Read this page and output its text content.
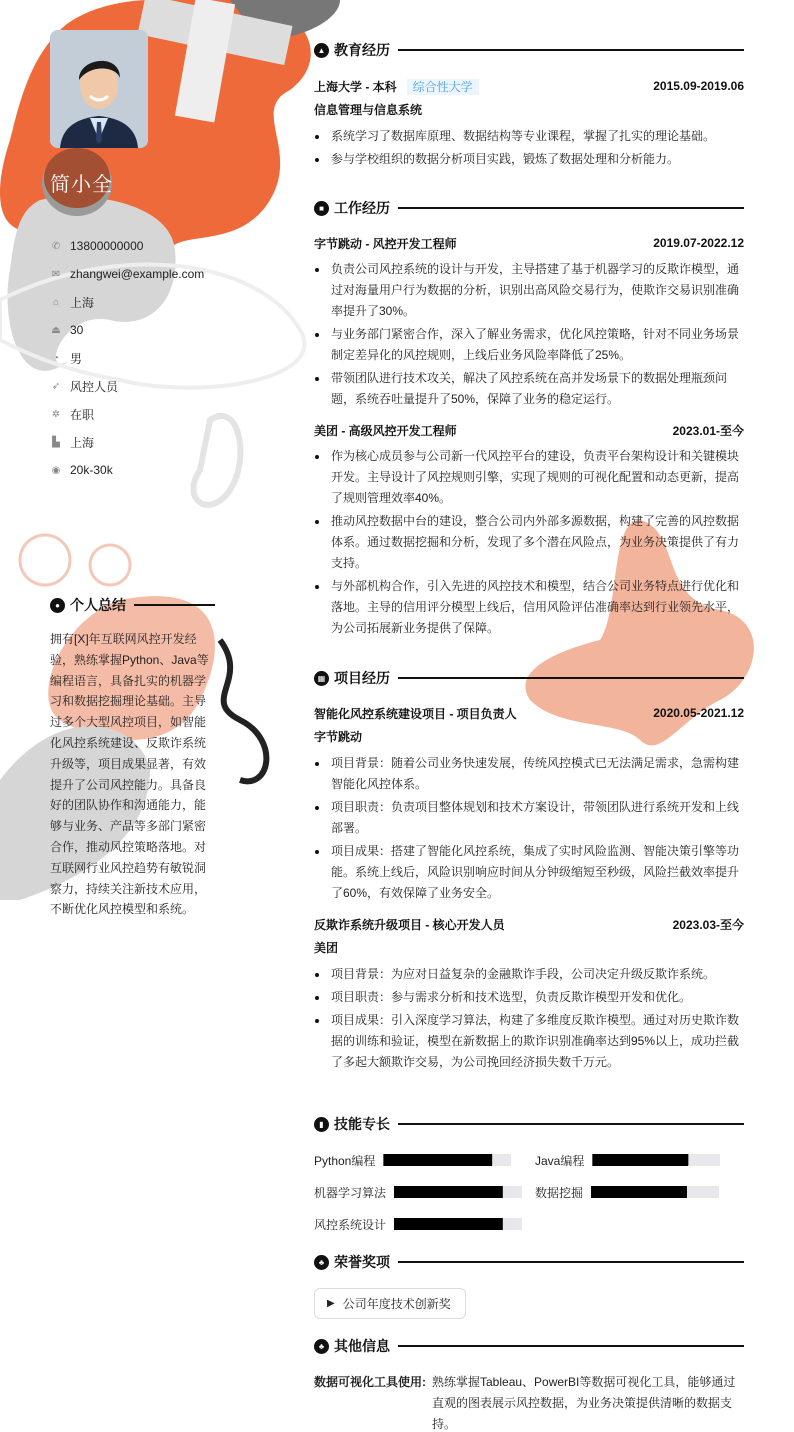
简小全
✆ 13800000000
✉ zhangwei@example.com
⌂ 上海
⏏ 30
◔ 男
➶ 风控人员
✲ 在职
▙ 上海
◉ 20k-30k
● 个人总结
拥有[X]年互联网风控开发经验，熟练掌握Python、Java等编程语言，具备扎实的机器学习和数据挖掘理论基础。主导过多个大型风控项目，如智能化风控系统建设、反欺诈系统升级等，项目成果显著，有效提升了公司风控能力。具备良好的团队协作和沟通能力，能够与业务、产品等多部门紧密合作，推动风控策略落地。对互联网行业风控趋势有敏锐洞察力，持续关注新技术应用，不断优化风控模型和系统。
▲ 教育经历
上海大学 - 本科 综合性大学	2015.09-2019.06
信息管理与信息系统
系统学习了数据库原理、数据结构等专业课程，掌握了扎实的理论基础。
参与学校组织的数据分析项目实践，锻炼了数据处理和分析能力。
■ 工作经历
字节跳动 - 风控开发工程师	2019.07-2022.12
负责公司风控系统的设计与开发，主导搭建了基于机器学习的反欺诈模型，通过对海量用户行为数据的分析，识别出高风险交易行为，使欺诈交易识别准确率提升了30%。
与业务部门紧密合作，深入了解业务需求，优化风控策略，针对不同业务场景制定差异化的风控规则，上线后业务风险率降低了25%。
带领团队进行技术攻关，解决了风控系统在高并发场景下的数据处理瓶颈问题，系统吞吐量提升了50%，保障了业务的稳定运行。
美团 - 高级风控开发工程师	2023.01-至今
作为核心成员参与公司新一代风控平台的建设，负责平台架构设计和关键模块开发。主导设计了风控规则引擎，实现了规则的可视化配置和动态更新，提高了规则管理效率40%。
推动风控数据中台的建设，整合公司内外部多源数据，构建了完善的风控数据体系。通过数据挖掘和分析，发现了多个潜在风险点，为业务决策提供了有力支持。
与外部机构合作，引入先进的风控技术和模型，结合公司业务特点进行优化和落地。主导的信用评分模型上线后，信用风险评估准确率达到行业领先水平，为公司拓展新业务提供了保障。
▦ 项目经历
智能化风控系统建设项目 - 项目负责人	2020.05-2021.12
字节跳动
项目背景：随着公司业务快速发展，传统风控模式已无法满足需求，急需构建智能化风控体系。
项目职责：负责项目整体规划和技术方案设计，带领团队进行系统开发和上线部署。
项目成果：搭建了智能化风控系统，集成了实时风险监测、智能决策引擎等功能。系统上线后，风险识别响应时间从分钟级缩短至秒级，风险拦截效率提升了60%，有效保障了业务安全。
反欺诈系统升级项目 - 核心开发人员	2023.03-至今
美团
项目背景：为应对日益复杂的金融欺诈手段，公司决定升级反欺诈系统。
项目职责：参与需求分析和技术选型，负责反欺诈模型开发和优化。
项目成果：引入深度学习算法，构建了多维度反欺诈模型。通过对历史欺诈数据的训练和验证，模型在新数据上的欺诈识别准确率达到95%以上，成功拦截了多起大额欺诈交易，为公司挽回经济损失数千万元。
▮ 技能专长
Python编程	Java编程
机器学习算法	数据挖掘
风控系统设计
♣ 荣誉奖项
▶ 公司年度技术创新奖
♣ 其他信息
数据可视化工具使用: 熟练掌握Tableau、PowerBI等数据可视化工具，能够通过直观的图表展示风控数据，为业务决策提供清晰的数据支持。
